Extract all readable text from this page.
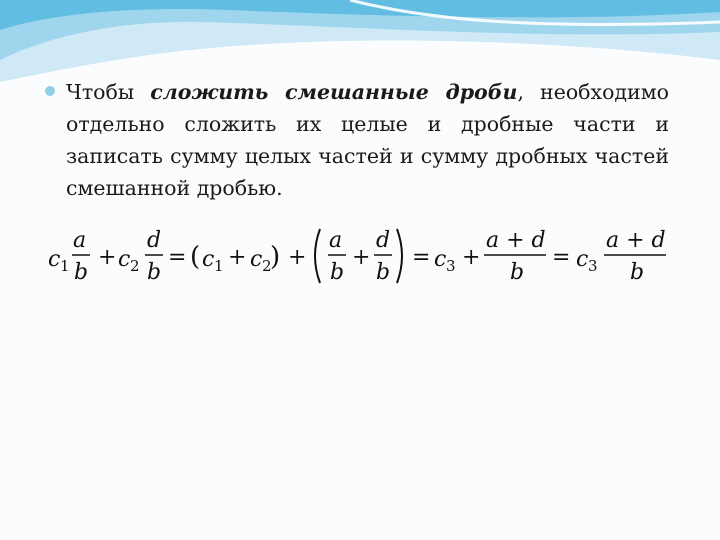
Чтобы сложить смешанные дроби, необходимо отдельно сложить их целые и дробные части и записать сумму целых частей и сумму дробных частей смешанной дробью.

c 1
a
b
+ c 2
d
b
= ( c 1 + c 2
) +
a
b
+
d
b
= c 3 +
a + d
b
= c 3
a + d
b
